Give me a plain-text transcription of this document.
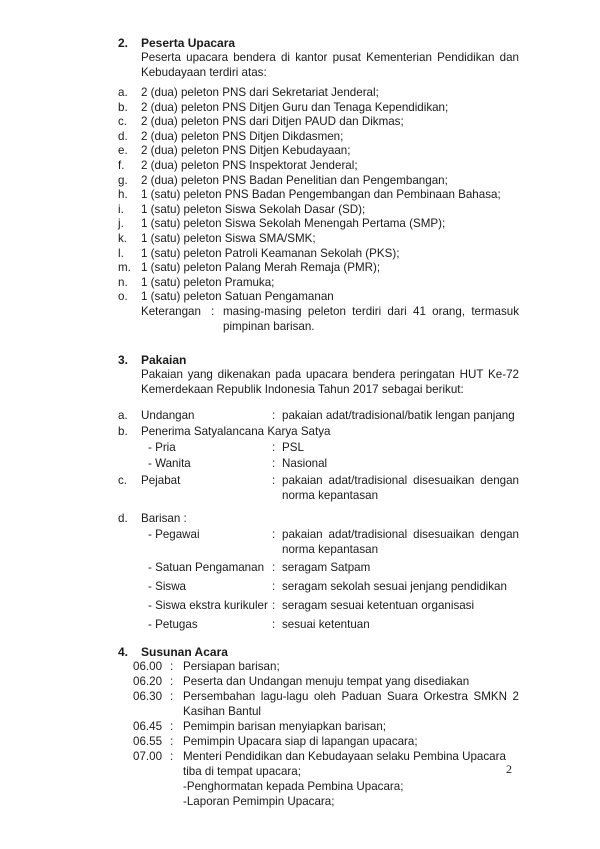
2. Peserta Upacara
Peserta upacara bendera di kantor pusat Kementerian Pendidikan dan
Kebudayaan terdiri atas:
a. 2 (dua) peleton PNS dari Sekretariat Jenderal;
b. 2 (dua) peleton PNS Ditjen Guru dan Tenaga Kependidikan;
c. 2 (dua) peleton PNS dari Ditjen PAUD dan Dikmas;
d. 2 (dua) peleton PNS Ditjen Dikdasmen;
e. 2 (dua) peleton PNS Ditjen Kebudayaan;
f. 2 (dua) peleton PNS Inspektorat Jenderal;
g. 2 (dua) peleton PNS Badan Penelitian dan Pengembangan;
h. 1 (satu) peleton PNS Badan Pengembangan dan Pembinaan Bahasa;
i. 1 (satu) peleton Siswa Sekolah Dasar (SD);
j. 1 (satu) peleton Siswa Sekolah Menengah Pertama (SMP);
k. 1 (satu) peleton Siswa SMA/SMK;
l. 1 (satu) peleton Patroli Keamanan Sekolah (PKS);
m. 1 (satu) peleton Palang Merah Remaja (PMR);
n. 1 (satu) peleton Pramuka;
o. 1 (satu) peleton Satuan Pengamanan
Keterangan : masing-masing peleton terdiri dari 41 orang, termasuk
pimpinan barisan.
3. Pakaian
Pakaian yang dikenakan pada upacara bendera peringatan HUT Ke-72
Kemerdekaan Republik Indonesia Tahun 2017 sebagai berikut:
a. Undangan	: pakaian adat/tradisional/batik lengan panjang
b. Penerima Satyalancana Karya Satya
- Pria	: PSL
- Wanita	: Nasional
c. Pejabat	: pakaian adat/tradisional disesuaikan dengan
norma kepantasan
d. Barisan :
- Pegawai	: pakaian adat/tradisional disesuaikan dengan
norma kepantasan
- Satuan Pengamanan : seragam Satpam
- Siswa	: seragam sekolah sesuai jenjang pendidikan
- Siswa ekstra kurikuler : seragam sesuai ketentuan organisasi
- Petugas	: sesuai ketentuan
4. Susunan Acara
06.00 : Persiapan barisan;
06.20 : Peserta dan Undangan menuju tempat yang disediakan
06.30 : Persembahan lagu-lagu oleh Paduan Suara Orkestra SMKN 2
Kasihan Bantul
06.45 : Pemimpin barisan menyiapkan barisan;
06.55 : Pemimpin Upacara siap di lapangan upacara;
07.00 : Menteri Pendidikan dan Kebudayaan selaku Pembina Upacara
tiba di tempat upacara;
-Penghormatan kepada Pembina Upacara;
-Laporan Pemimpin Upacara;
2
